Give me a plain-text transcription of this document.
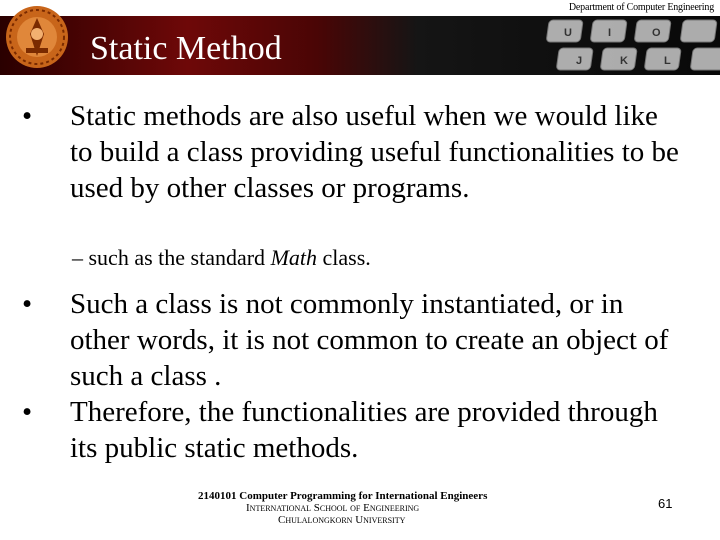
U	I	O
J	K	L
Department of Computer Engineering
Static Method
• Static methods are also useful when we would like to build a class providing useful functionalities to be used by other classes or programs.
– such as the standard Math class.
• Such a class is not commonly instantiated, or in other words, it is not common to create an object of such a class .
• Therefore, the functionalities are provided through its public static methods.
2140101 Computer Programming for International Engineers
International School of Engineering
Chulalongkorn University
61
